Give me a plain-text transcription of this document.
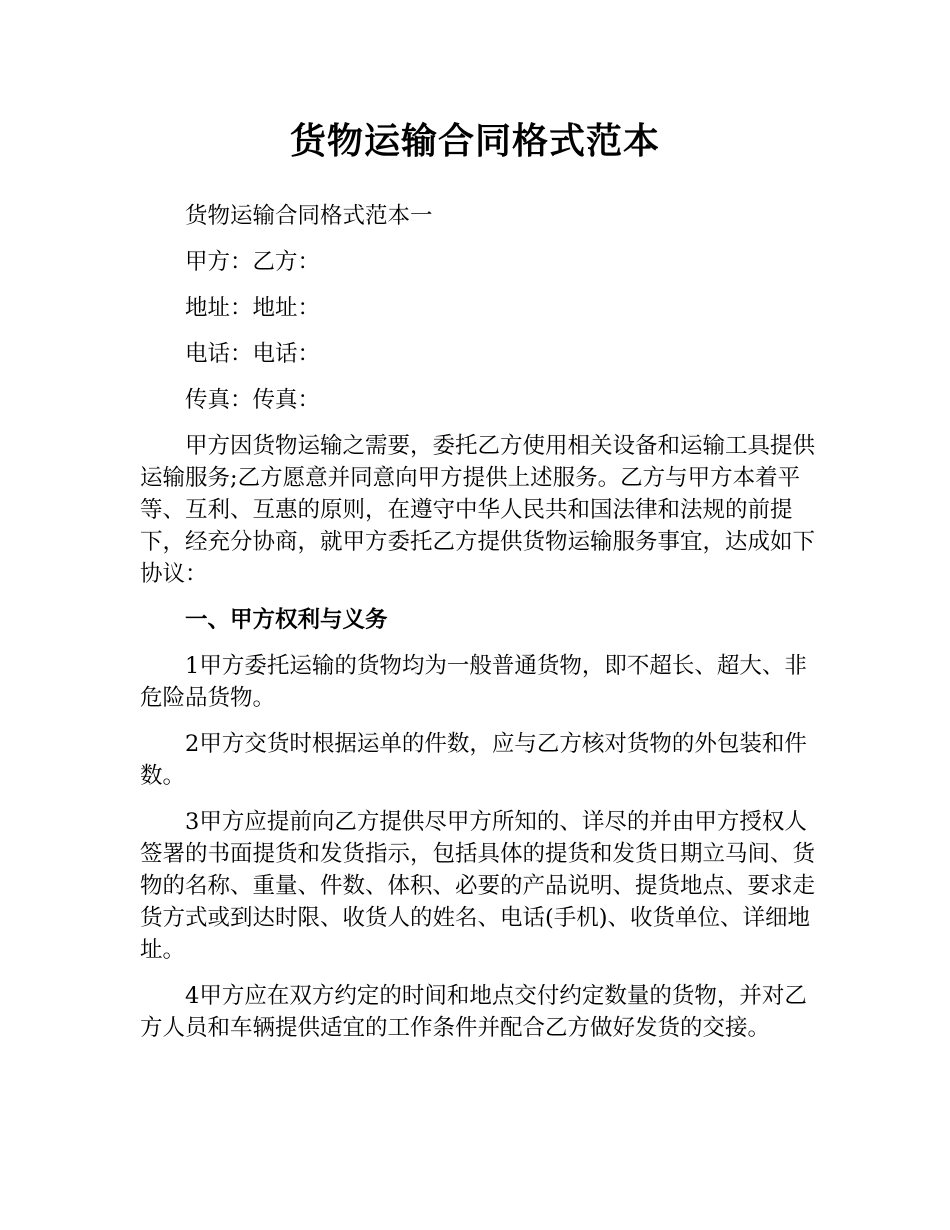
货物运输合同格式范本

货物运输合同格式范本一

甲方：乙方：

地址：地址：

电话：电话：

传真：传真：

甲方因货物运输之需要，委托乙方使用相关设备和运输工具提供运输服务;乙方愿意并同意向甲方提供上述服务。乙方与甲方本着平等、互利、互惠的原则，在遵守中华人民共和国法律和法规的前提下，经充分协商，就甲方委托乙方提供货物运输服务事宜，达成如下协议：

一、甲方权利与义务

1甲方委托运输的货物均为一般普通货物，即不超长、超大、非危险品货物。

2甲方交货时根据运单的件数，应与乙方核对货物的外包装和件数。

3甲方应提前向乙方提供尽甲方所知的、详尽的并由甲方授权人签署的书面提货和发货指示，包括具体的提货和发货日期立马间、货物的名称、重量、件数、体积、必要的产品说明、提货地点、要求走货方式或到达时限、收货人的姓名、电话(手机)、收货单位、详细地址。

4甲方应在双方约定的时间和地点交付约定数量的货物，并对乙方人员和车辆提供适宜的工作条件并配合乙方做好发货的交接。
